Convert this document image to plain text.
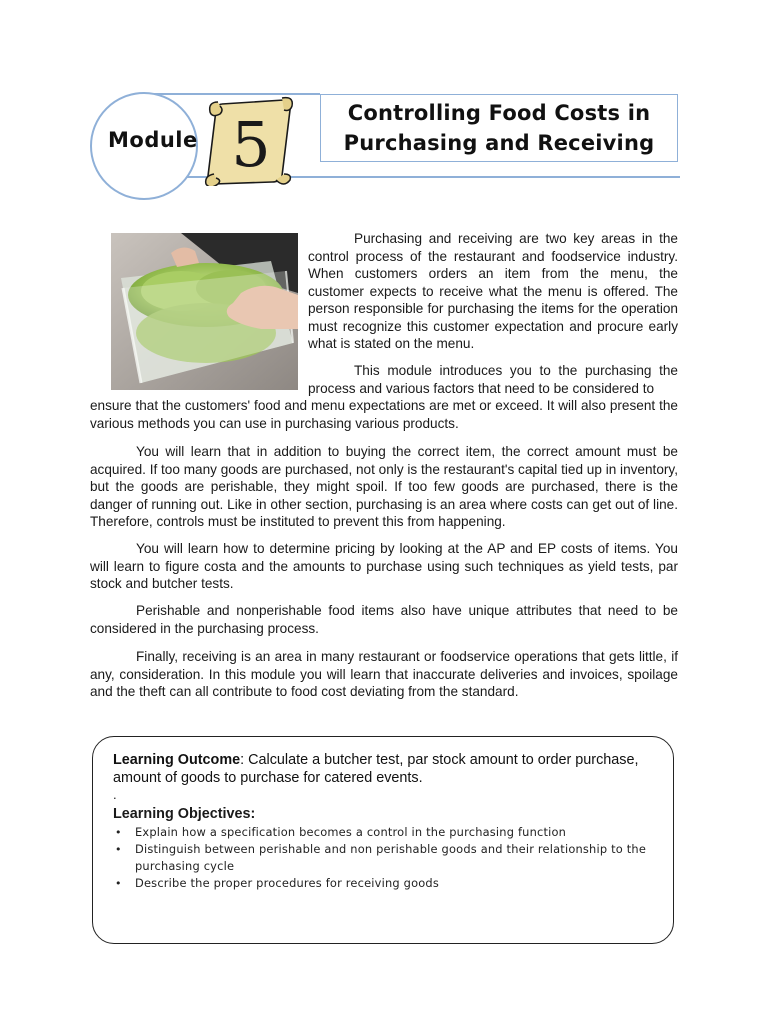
Module 5	Controlling Food Costs in
Purchasing and Receiving

Purchasing and receiving are two key areas in the control process of the restaurant and foodservice industry. When customers orders an item from the menu, the customer expects to receive what the menu is offered. The person responsible for purchasing the items for the operation must recognize this customer expectation and procure early what is stated on the menu.

This module introduces you to the purchasing the process and various factors that need to be considered to

ensure that the customers' food and menu expectations are met or exceed. It will also present the various methods you can use in purchasing various products.

You will learn that in addition to buying the correct item, the correct amount must be acquired. If too many goods are purchased, not only is the restaurant's capital tied up in inventory, but the goods are perishable, they might spoil. If too few goods are purchased, there is the danger of running out. Like in other section, purchasing is an area where costs can get out of line. Therefore, controls must be instituted to prevent this from happening.

You will learn how to determine pricing by looking at the AP and EP costs of items. You will learn to figure costa and the amounts to purchase using such techniques as yield tests, par stock and butcher tests.

Perishable and nonperishable food items also have unique attributes that need to be considered in the purchasing process.

Finally, receiving is an area in many restaurant or foodservice operations that gets little, if any, consideration. In this module you will learn that inaccurate deliveries and invoices, spoilage and the theft can all contribute to food cost deviating from the standard.

Learning Outcome: Calculate a butcher test, par stock amount to order purchase, amount of goods to purchase for catered events.

.

Learning Objectives:

• Explain how a specification becomes a control in the purchasing function
• Distinguish between perishable and non perishable goods and their relationship to the purchasing cycle
• Describe the proper procedures for receiving goods
